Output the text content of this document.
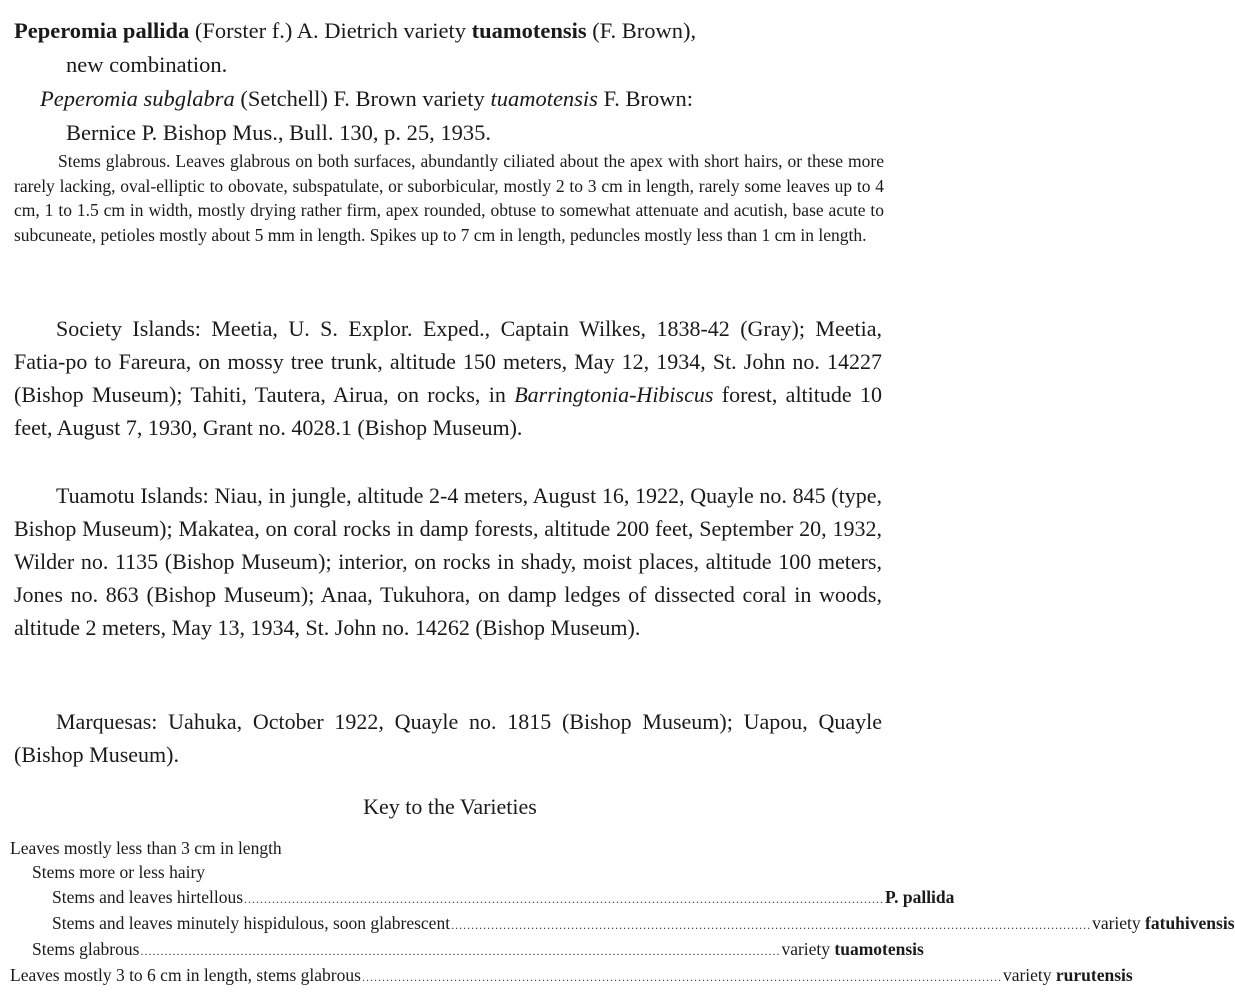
Peperomia pallida (Forster f.) A. Dietrich variety tuamotensis (F. Brown),
new combination.
Peperomia subglabra (Setchell) F. Brown variety tuamotensis F. Brown:
Bernice P. Bishop Mus., Bull. 130, p. 25, 1935.
Stems glabrous. Leaves glabrous on both surfaces, abundantly ciliated about the apex with short hairs, or these more rarely lacking, oval-elliptic to obovate, subspatulate, or suborbicular, mostly 2 to 3 cm in length, rarely some leaves up to 4 cm, 1 to 1.5 cm in width, mostly drying rather firm, apex rounded, obtuse to somewhat attenuate and acutish, base acute to subcuneate, petioles mostly about 5 mm in length. Spikes up to 7 cm in length, peduncles mostly less than 1 cm in length.
Society Islands: Meetia, U. S. Explor. Exped., Captain Wilkes, 1838-42 (Gray); Meetia, Fatia-po to Fareura, on mossy tree trunk, altitude 150 meters, May 12, 1934, St. John no. 14227 (Bishop Museum); Tahiti, Tautera, Airua, on rocks, in Barringtonia-Hibiscus forest, altitude 10 feet, August 7, 1930, Grant no. 4028.1 (Bishop Museum).
Tuamotu Islands: Niau, in jungle, altitude 2-4 meters, August 16, 1922, Quayle no. 845 (type, Bishop Museum); Makatea, on coral rocks in damp forests, altitude 200 feet, September 20, 1932, Wilder no. 1135 (Bishop Museum); interior, on rocks in shady, moist places, altitude 100 meters, Jones no. 863 (Bishop Museum); Anaa, Tukuhora, on damp ledges of dissected coral in woods, altitude 2 meters, May 13, 1934, St. John no. 14262 (Bishop Museum).
Marquesas: Uahuka, October 1922, Quayle no. 1815 (Bishop Museum); Uapou, Quayle (Bishop Museum).
Key to the Varieties
Leaves mostly less than 3 cm in length
Stems more or less hairy
Stems and leaves hirtellous ................................................................................................................................................................ P. pallida
Stems and leaves minutely hispidulous, soon glabrescent ................................................................................................................................................................ variety fatuhivensis
Stems glabrous ................................................................................................................................................................ variety tuamotensis
Leaves mostly 3 to 6 cm in length, stems glabrous ................................................................................................................................................................ variety rurutensis
